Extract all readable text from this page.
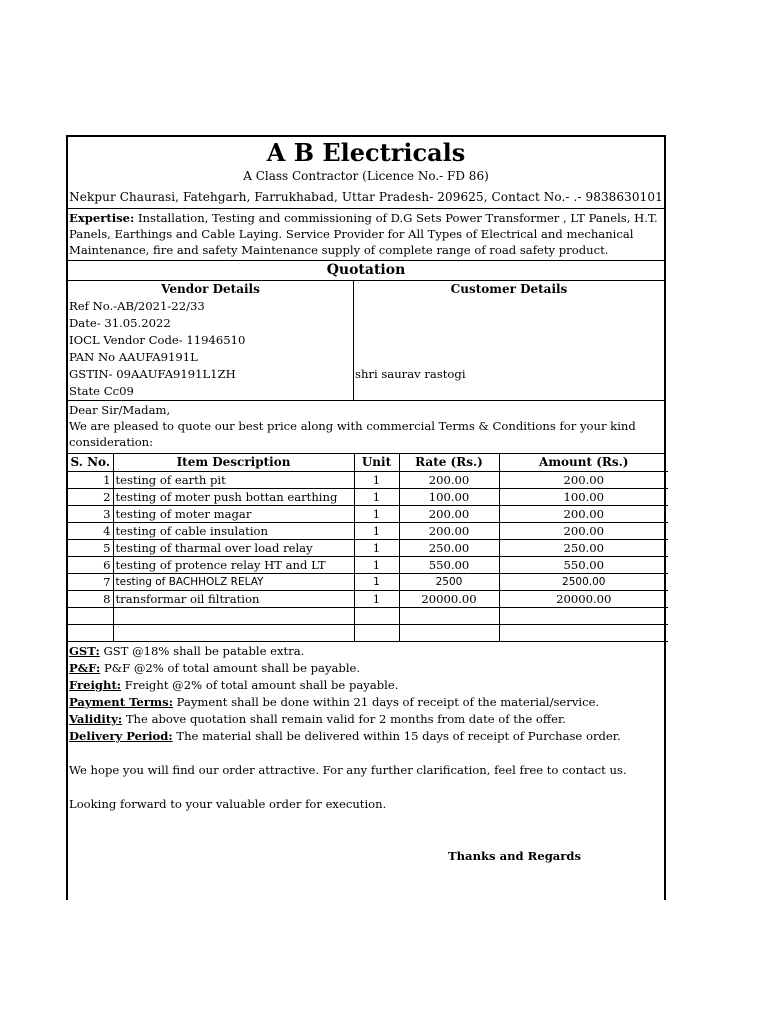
A B Electricals
A Class Contractor (Licence No.- FD 86)
Nekpur Chaurasi, Fatehgarh, Farrukhabad, Uttar Pradesh- 209625, Contact No.- .- 9838630101
Expertise: Installation, Testing and commissioning of D.G Sets Power Transformer , LT Panels, H.T. Panels, Earthings and Cable Laying. Service Provider for All Types of Electrical and mechanical Maintenance, fire and safety Maintenance supply of complete range of road safety product.
Quotation
Vendor Details
Ref No.-AB/2021-22/33
Date- 31.05.2022
IOCL Vendor Code- 11946510
PAN No AAUFA9191L
GSTIN- 09AAUFA9191L1ZH
State Cc09
Customer Details
shri saurav rastogi
Dear Sir/Madam,
We are pleased to quote our best price along with commercial Terms & Conditions for your kind consideration:
S. No.	Item Description	Unit	Rate (Rs.)	Amount (Rs.)
1	testing of earth pit	1	200.00	200.00
2	testing of moter push bottan earthing	1	100.00	100.00
3	testing of moter magar	1	200.00	200.00
4	testing of cable insulation	1	200.00	200.00
5	testing of tharmal over load relay	1	250.00	250.00
6	testing of protence relay HT and LT	1	550.00	550.00
7	testing of BACHHOLZ RELAY	1	2500	2500.00
8	transformar oil filtration	1	20000.00	20000.00

GST: GST @18% shall be patable extra.
P&F: P&F @2% of total amount shall be payable.
Freight: Freight @2% of total amount shall be payable.
Payment Terms: Payment shall be done within 21 days of receipt of the material/service.
Validity: The above quotation shall remain valid for 2 months from date of the offer.
Delivery Period: The material shall be delivered within 15 days of receipt of Purchase order.
We hope you will find our order attractive. For any further clarification, feel free to contact us.
Looking forward to your valuable order for execution.
Thanks and Regards
